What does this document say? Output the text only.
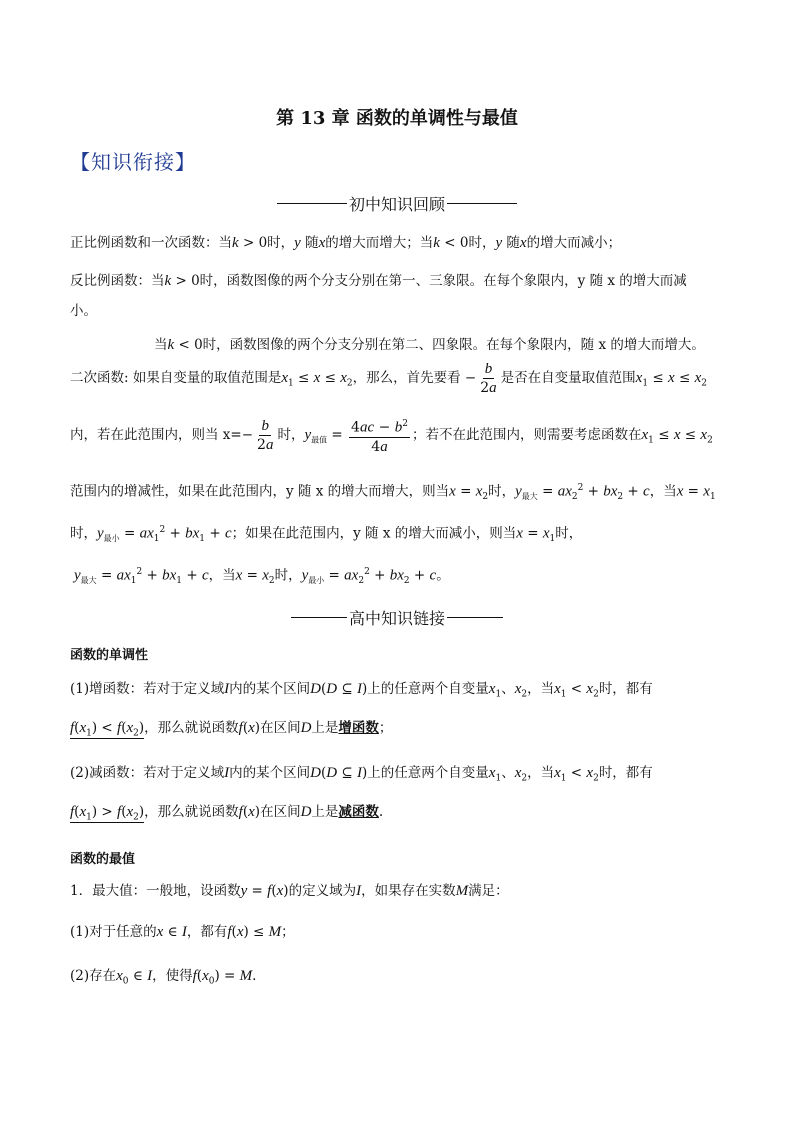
第 13 章 函数的单调性与最值
【知识衔接】
初中知识回顾
正比例函数和一次函数：当k > 0时，y 随x的增大而增大；当k < 0时，y 随x的增大而减小；
反比例函数：当k > 0时，函数图像的两个分支分别在第一、三象限。在每个象限内，y 随 x 的增大而减
小。
当k < 0时，函数图像的两个分支分别在第二、四象限。在每个象限内，随 x 的增大而增大。
二次函数: 如果自变量的取值范围是$x_1 \le x \le x_2$，那么，首先要看 − $\frac{b}{2a}$ 是否在自变量取值范围$x_1 \le x \le x_2$
内，若在此范围内，则当 $x=- \frac{b}{2a}$ 时，$y_{最值} = \frac{4ac - b^2}{4a}$ ；若不在此范围内，则需要考虑函数在$x_1 \le x \le x_2$
范围内的增减性，如果在此范围内，y 随 x 的增大而增大，则当$x = x_2$时，$y_{最大} = ax_2^2 + bx_2 + c$，当$x = x_1$
时，$y_{最小} = ax_1^2 + bx_1 + c$；如果在此范围内，y 随 x 的增大而减小，则当$x = x_1$时，
$y_{最大} = ax_1^2 + bx_1 + c$，当$x = x_2$时，$y_{最小} = ax_2^2 + bx_2 + c$。
高中知识链接
函数的单调性
(1)增函数：若对于定义域I内的某个区间D(D ⊆ I)上的任意两个自变量$x_1$、$x_2$，当$x_1 < x_2$时，都有
$f(x_1) < f(x_2)$，那么就说函数f(x)在区间D上是增函数；
(2)减函数：若对于定义域I内的某个区间D(D ⊆ I)上的任意两个自变量$x_1$、$x_2$，当$x_1 < x_2$时，都有
$f(x_1) > f(x_2)$，那么就说函数f(x)在区间D上是减函数.
函数的最值
1．最大值：一般地，设函数y = f(x)的定义域为I，如果存在实数M满足：
(1)对于任意的x ∈ I，都有f(x) ≤ M；
(2)存在$x_0$ ∈ I，使得$f(x_0) = M$.
